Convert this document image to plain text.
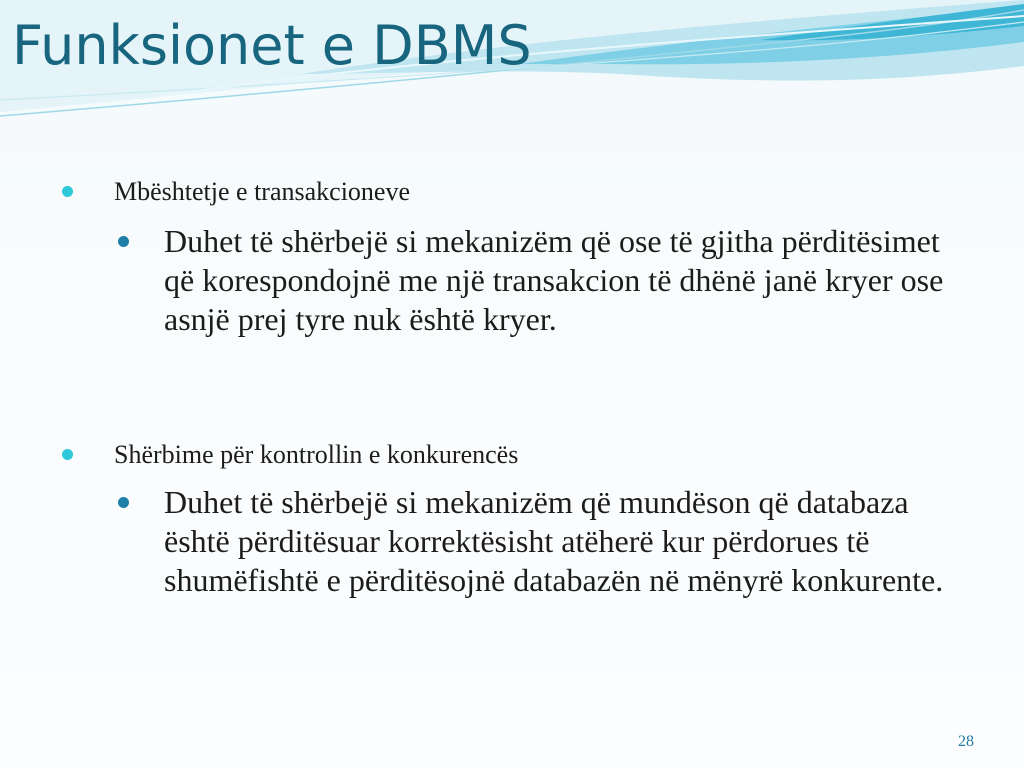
Funksionet e DBMS
Mbështetje e transakcioneve
Duhet të shërbejë si mekanizëm që ose të gjitha përditësimet që korespondojnë me një transakcion të dhënë janë kryer ose asnjë prej tyre nuk është kryer.
Shërbime për kontrollin e konkurencës
Duhet të shërbejë si mekanizëm që mundëson që databaza është përditësuar korrektësisht atëherë kur përdorues të shumëfishtë e përditësojnë databazën në mënyrë konkurente.
28
